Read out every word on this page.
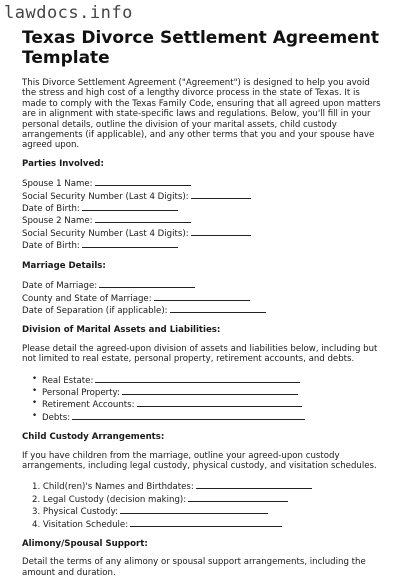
lawdocs.info
Texas Divorce Settlement Agreement Template

This Divorce Settlement Agreement ("Agreement") is designed to help you avoid the stress and high cost of a lengthy divorce process in the state of Texas. It is made to comply with the Texas Family Code, ensuring that all agreed upon matters are in alignment with state-specific laws and regulations. Below, you'll fill in your personal details, outline the division of your marital assets, child custody arrangements (if applicable), and any other terms that you and your spouse have agreed upon.

Parties Involved:

Spouse 1 Name:
Social Security Number (Last 4 Digits):
Date of Birth:
Spouse 2 Name:
Social Security Number (Last 4 Digits):
Date of Birth:

Marriage Details:

Date of Marriage:
County and State of Marriage:
Date of Separation (if applicable):

Division of Marital Assets and Liabilities:

Please detail the agreed-upon division of assets and liabilities below, including but not limited to real estate, personal property, retirement accounts, and debts.

• Real Estate:
• Personal Property:
• Retirement Accounts:
• Debts:

Child Custody Arrangements:

If you have children from the marriage, outline your agreed-upon custody arrangements, including legal custody, physical custody, and visitation schedules.

1. Child(ren)'s Names and Birthdates:
2. Legal Custody (decision making):
3. Physical Custody:
4. Visitation Schedule:

Alimony/Spousal Support:

Detail the terms of any alimony or spousal support arrangements, including the amount and duration.
